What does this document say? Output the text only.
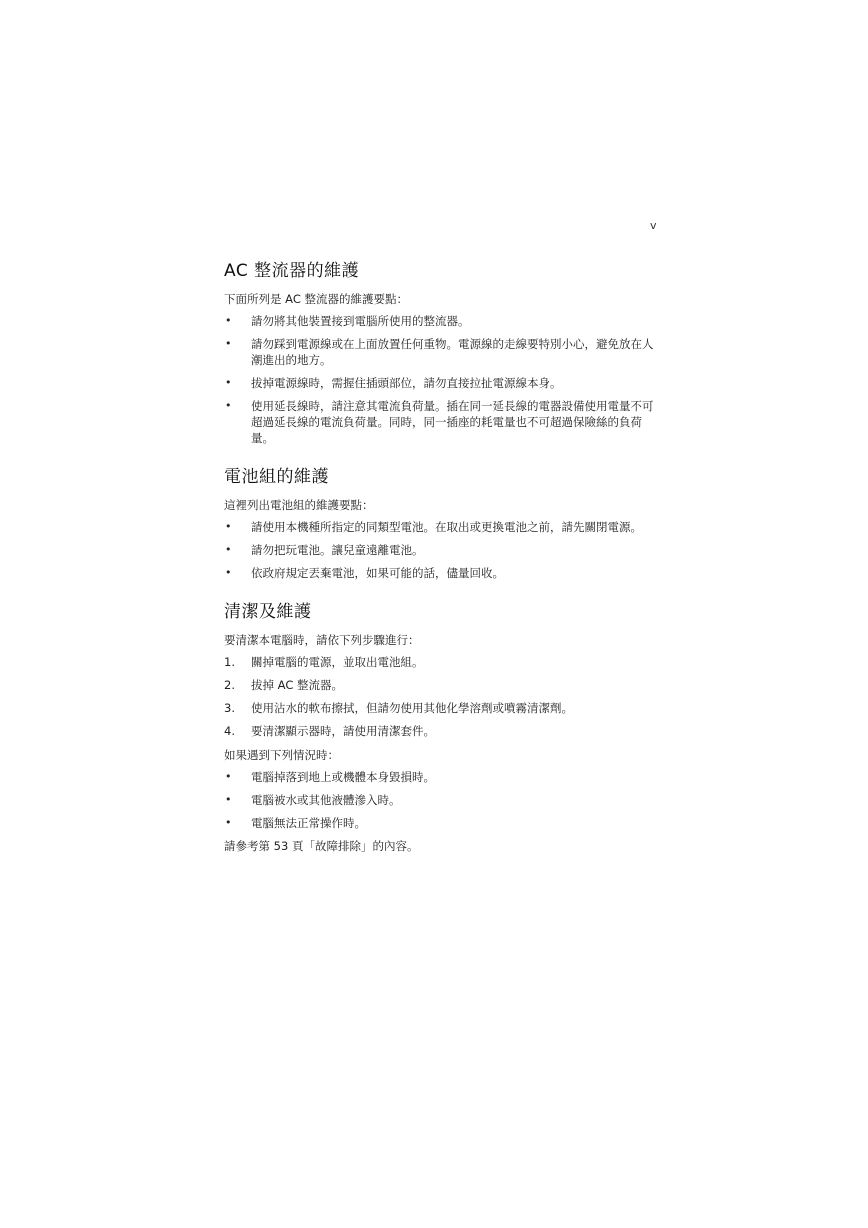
v
AC 整流器的維護

下面所列是 AC 整流器的維護要點：

• 請勿將其他裝置接到電腦所使用的整流器。
• 請勿踩到電源線或在上面放置任何重物。電源線的走線要特別小心，避免放在人潮進出的地方。
• 拔掉電源線時，需握住插頭部位，請勿直接拉扯電源線本身。
• 使用延長線時，請注意其電流負荷量。插在同一延長線的電器設備使用電量不可超過延長線的電流負荷量。同時，同一插座的耗電量也不可超過保險絲的負荷量。
電池組的維護

這裡列出電池組的維護要點：

• 請使用本機種所指定的同類型電池。在取出或更換電池之前，請先關閉電源。
• 請勿把玩電池。讓兒童遠離電池。
• 依政府規定丟棄電池，如果可能的話，儘量回收。
清潔及維護

要清潔本電腦時，請依下列步驟進行：

1. 關掉電腦的電源，並取出電池組。
2. 拔掉 AC 整流器。
3. 使用沾水的軟布擦拭，但請勿使用其他化學溶劑或噴霧清潔劑。
4. 要清潔顯示器時，請使用清潔套件。

如果遇到下列情況時：

• 電腦掉落到地上或機體本身毀損時。
• 電腦被水或其他液體滲入時。
• 電腦無法正常操作時。

請參考第 53 頁「故障排除」的內容。
